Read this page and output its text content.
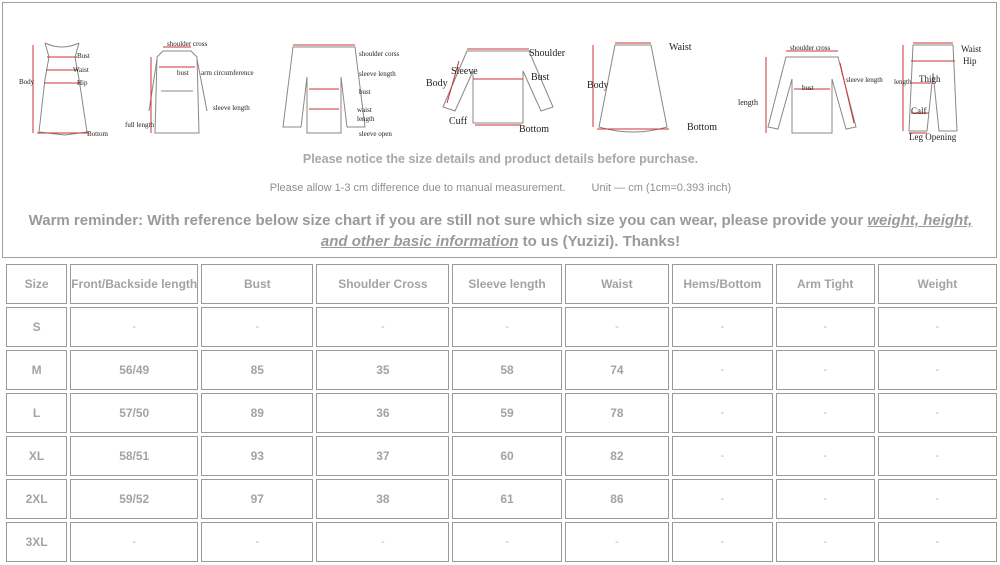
Bust
Waist
Hip
Body
Bottom
shoulder cross
bust arm circumference
sleeve length
full length
shoulder corss
sleeve length
bust
waist
length
sleeve open
Shoulder
Sleeve
Body
Bust
Cuff
Bottom
Waist
Body
Bottom
shoulder cross
sleeve length
length
bust
Waist
Hip
length Thigh
Calf
Leg Opening
Please notice the size details and product details before purchase.
Please allow 1-3 cm difference due to manual measurement. Unit — cm (1cm=0.393 inch)
Warm reminder: With reference below size chart if you are still not sure which size you can wear, please provide your weight, height,
and other basic information to us (Yuzizi). Thanks!
Size	Front/Backside length	Bust	Shoulder Cross	Sleeve length	Waist	Hems/Bottom	Arm Tight	Weight
S	-	-	-	-	-	-	-	-
M	56/49	85	35	58	74	-	-	-
L	57/50	89	36	59	78	-	-	-
XL	58/51	93	37	60	82	-	-	-
2XL	59/52	97	38	61	86	-	-	-
3XL	-	-	-	-	-	-	-	-
